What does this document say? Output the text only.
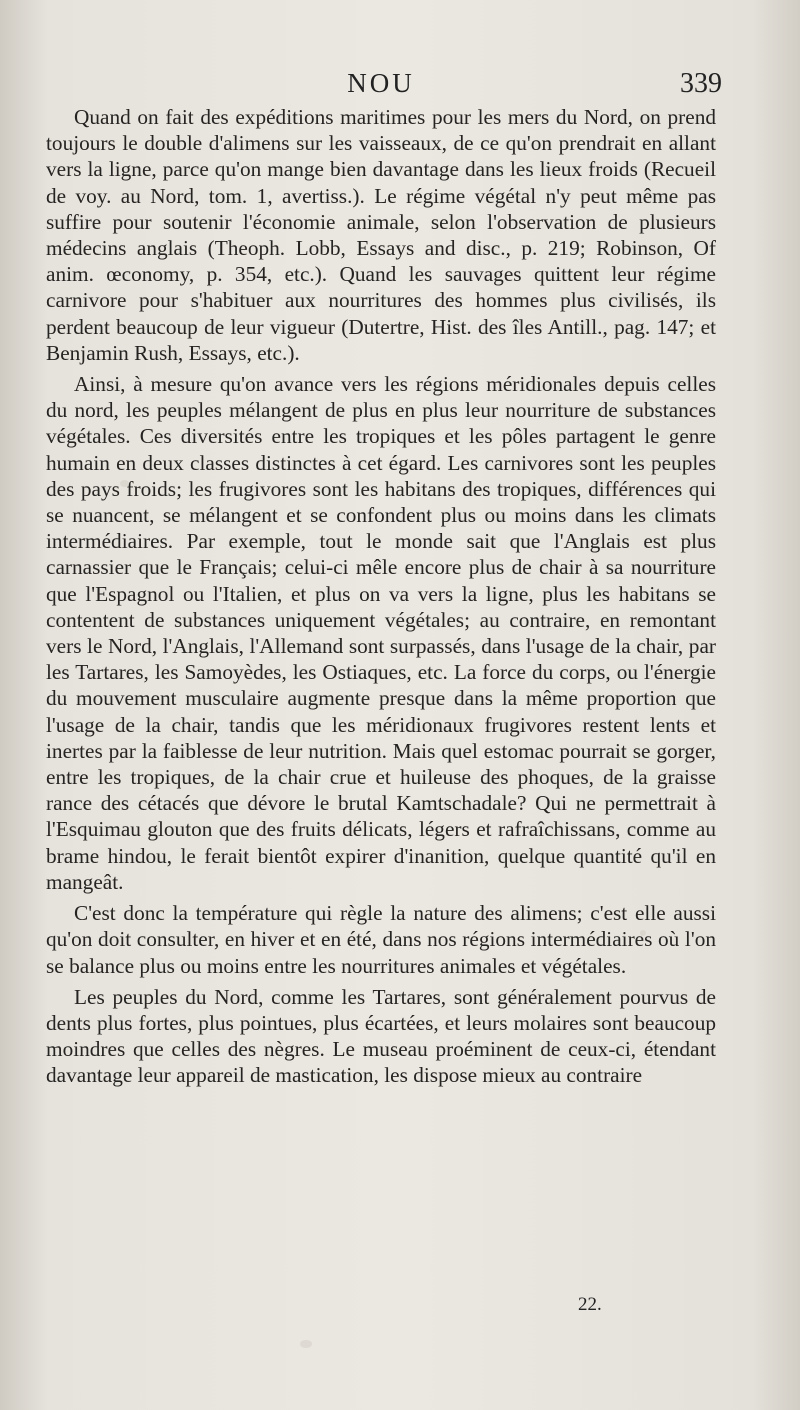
NOU	339

Quand on fait des expéditions maritimes pour les mers du Nord, on prend toujours le double d'alimens sur les vaisseaux, de ce qu'on prendrait en allant vers la ligne, parce qu'on mange bien davantage dans les lieux froids (Recueil de voy. au Nord, tom. 1, avertiss.). Le régime végétal n'y peut même pas suffire pour soutenir l'économie animale, selon l'observation de plusieurs médecins anglais (Theoph. Lobb, Essays and disc., p. 219; Robinson, Of anim. œconomy, p. 354, etc.). Quand les sauvages quittent leur régime carnivore pour s'habituer aux nourritures des hommes plus civilisés, ils perdent beaucoup de leur vigueur (Dutertre, Hist. des îles Antill., pag. 147; et Benjamin Rush, Essays, etc.).

Ainsi, à mesure qu'on avance vers les régions méridionales depuis celles du nord, les peuples mélangent de plus en plus leur nourriture de substances végétales. Ces diversités entre les tropiques et les pôles partagent le genre humain en deux classes distinctes à cet égard. Les carnivores sont les peuples des pays froids; les frugivores sont les habitans des tropiques, différences qui se nuancent, se mélangent et se confondent plus ou moins dans les climats intermédiaires. Par exemple, tout le monde sait que l'Anglais est plus carnassier que le Français; celui-ci mêle encore plus de chair à sa nourriture que l'Espagnol ou l'Italien, et plus on va vers la ligne, plus les habitans se contentent de substances uniquement végétales; au contraire, en remontant vers le Nord, l'Anglais, l'Allemand sont surpassés, dans l'usage de la chair, par les Tartares, les Samoyèdes, les Ostiaques, etc. La force du corps, ou l'énergie du mouvement musculaire augmente presque dans la même proportion que l'usage de la chair, tandis que les méridionaux frugivores restent lents et inertes par la faiblesse de leur nutrition. Mais quel estomac pourrait se gorger, entre les tropiques, de la chair crue et huileuse des phoques, de la graisse rance des cétacés que dévore le brutal Kamtschadale? Qui ne permettrait à l'Esquimau glouton que des fruits délicats, légers et rafraîchissans, comme au brame hindou, le ferait bientôt expirer d'inanition, quelque quantité qu'il en mangeât.

C'est donc la température qui règle la nature des alimens; c'est elle aussi qu'on doit consulter, en hiver et en été, dans nos régions intermédiaires où l'on se balance plus ou moins entre les nourritures animales et végétales.

Les peuples du Nord, comme les Tartares, sont généralement pourvus de dents plus fortes, plus pointues, plus écartées, et leurs molaires sont beaucoup moindres que celles des nègres. Le museau proéminent de ceux-ci, étendant davantage leur appareil de mastication, les dispose mieux au contraire

22.
